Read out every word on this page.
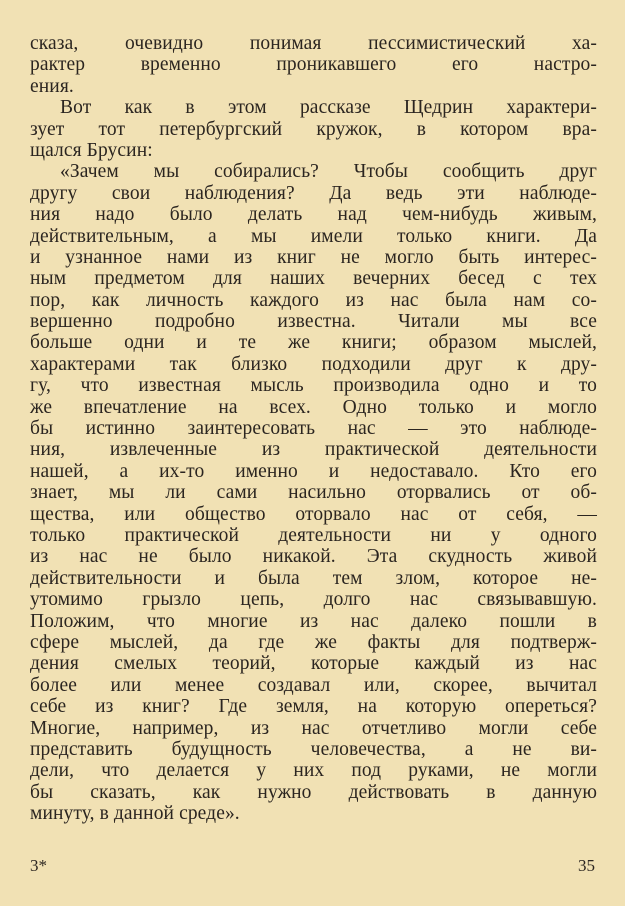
сказа, очевидно понимая пессимистический ха-
рактер временно проникавшего его настро-
ения.
Вот как в этом рассказе Щедрин характери-
зует тот петербургский кружок, в котором вра-
щался Брусин:
«Зачем мы собирались? Чтобы сообщить друг
другу свои наблюдения? Да ведь эти наблюде-
ния надо было делать над чем-нибудь живым,
действительным, а мы имели только книги. Да
и узнанное нами из книг не могло быть интерес-
ным предметом для наших вечерних бесед с тех
пор, как личность каждого из нас была нам со-
вершенно подробно известна. Читали мы все
больше одни и те же книги; образом мыслей,
характерами так близко подходили друг к дру-
гу, что известная мысль производила одно и то
же впечатление на всех. Одно только и могло
бы истинно заинтересовать нас — это наблюде-
ния, извлеченные из практической деятельности
нашей, а их-то именно и недоставало. Кто его
знает, мы ли сами насильно оторвались от об-
щества, или общество оторвало нас от себя, —
только практической деятельности ни у одного
из нас не было никакой. Эта скудность живой
действительности и была тем злом, которое не-
утомимо грызло цепь, долго нас связывавшую.
Положим, что многие из нас далеко пошли в
сфере мыслей, да где же факты для подтверж-
дения смелых теорий, которые каждый из нас
более или менее создавал или, скорее, вычитал
себе из книг? Где земля, на которую опереться?
Многие, например, из нас отчетливо могли себе
представить будущность человечества, а не ви-
дели, что делается у них под руками, не могли
бы сказать, как нужно действовать в данную
минуту, в данной среде».
3*	35
